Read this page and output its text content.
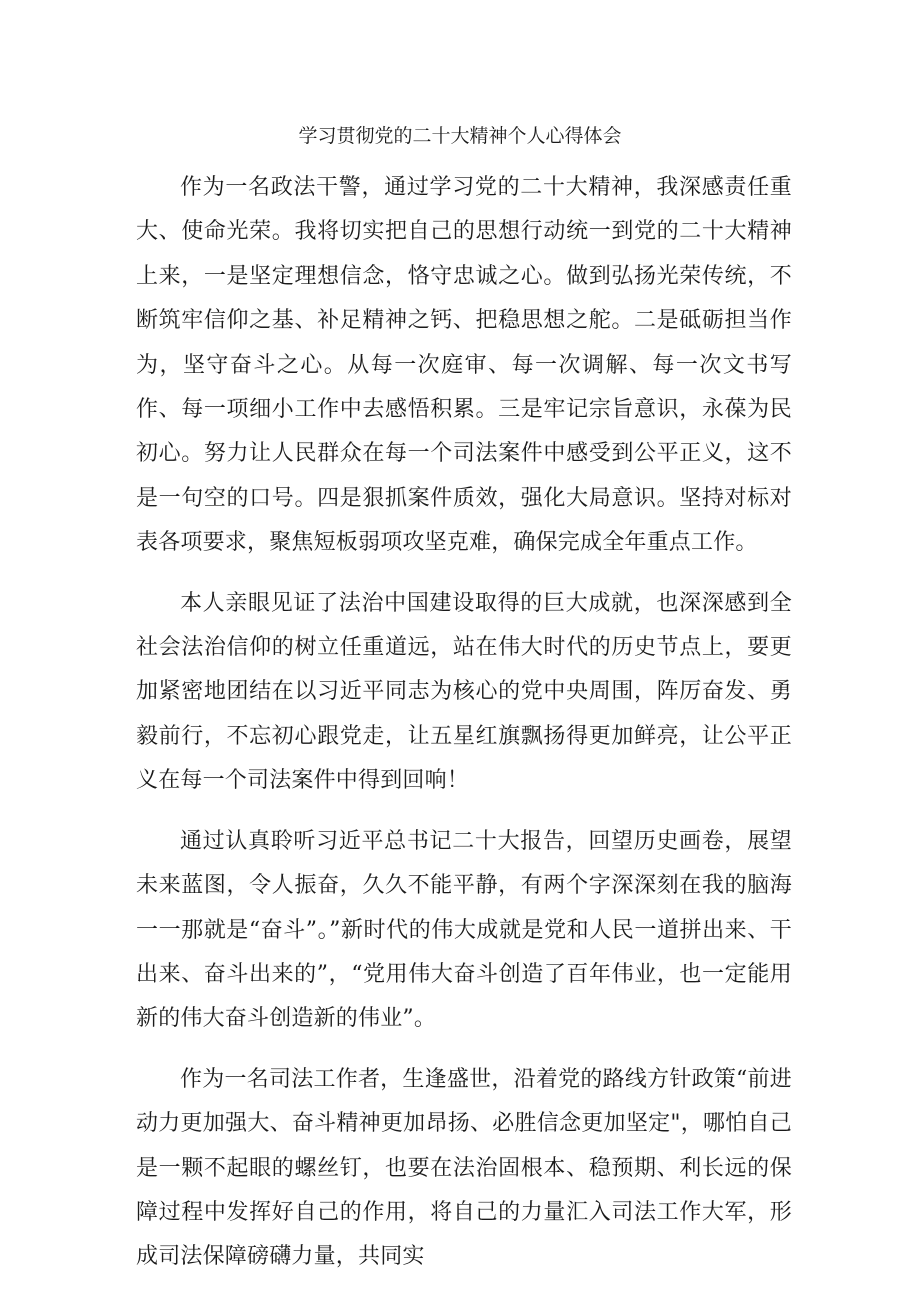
学习贯彻党的二十大精神个人心得体会

作为一名政法干警，通过学习党的二十大精神，我深感责任重大、使命光荣。我将切实把自己的思想行动统一到党的二十大精神上来，一是坚定理想信念，恪守忠诚之心。做到弘扬光荣传统，不断筑牢信仰之基、补足精神之钙、把稳思想之舵。二是砥砺担当作为，坚守奋斗之心。从每一次庭审、每一次调解、每一次文书写作、每一项细小工作中去感悟积累。三是牢记宗旨意识，永葆为民初心。努力让人民群众在每一个司法案件中感受到公平正义，这不是一句空的口号。四是狠抓案件质效，强化大局意识。坚持对标对表各项要求，聚焦短板弱项攻坚克难，确保完成全年重点工作。

本人亲眼见证了法治中国建设取得的巨大成就，也深深感到全社会法治信仰的树立任重道远，站在伟大时代的历史节点上，要更加紧密地团结在以习近平同志为核心的党中央周围，阵厉奋发、勇毅前行，不忘初心跟党走，让五星红旗飘扬得更加鲜亮，让公平正义在每一个司法案件中得到回响！

通过认真聆听习近平总书记二十大报告，回望历史画卷，展望未来蓝图，令人振奋，久久不能平静，有两个字深深刻在我的脑海一一那就是“奋斗”。”新时代的伟大成就是党和人民一道拼出来、干出来、奋斗出来的”，“党用伟大奋斗创造了百年伟业，也一定能用新的伟大奋斗创造新的伟业”。

作为一名司法工作者，生逢盛世，沿着党的路线方针政策“前进动力更加强大、奋斗精神更加昂扬、必胜信念更加坚定"，哪怕自己是一颗不起眼的螺丝钉，也要在法治固根本、稳预期、利长远的保障过程中发挥好自己的作用，将自己的力量汇入司法工作大军，形成司法保障磅礴力量，共同实
